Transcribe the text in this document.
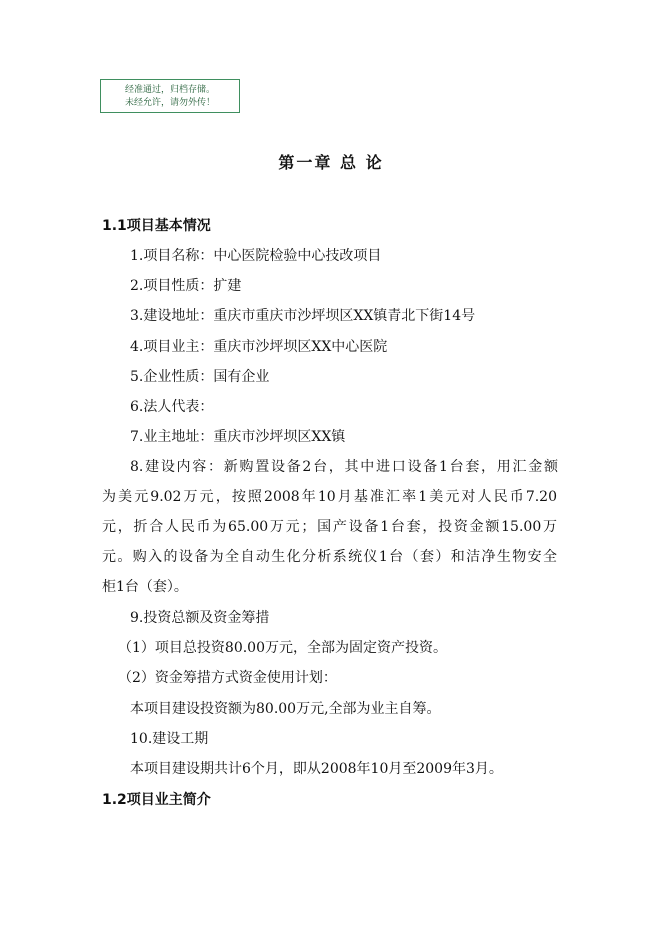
经准通过，归档存储。
未经允许，请勿外传！
第一章 总 论
1.1项目基本情况
1.项目名称：中心医院检验中心技改项目
2.项目性质：扩建
3.建设地址：重庆市重庆市沙坪坝区XX镇青北下街14号
4.项目业主：重庆市沙坪坝区XX中心医院
5.企业性质：国有企业
6.法人代表：
7.业主地址：重庆市沙坪坝区XX镇
8.建设内容：新购置设备2台，其中进口设备1台套，用汇金额
为美元9.02万元，按照2008年10月基准汇率1美元对人民币7.20
元，折合人民币为65.00万元；国产设备1台套，投资金额15.00万
元。购入的设备为全自动生化分析系统仪1台（套）和洁净生物安全
柜1台（套）。
9.投资总额及资金筹措
（1）项目总投资80.00万元，全部为固定资产投资。
（2）资金筹措方式资金使用计划：
本项目建设投资额为80.00万元,全部为业主自筹。
10.建设工期
本项目建设期共计6个月，即从2008年10月至2009年3月。
1.2项目业主简介
